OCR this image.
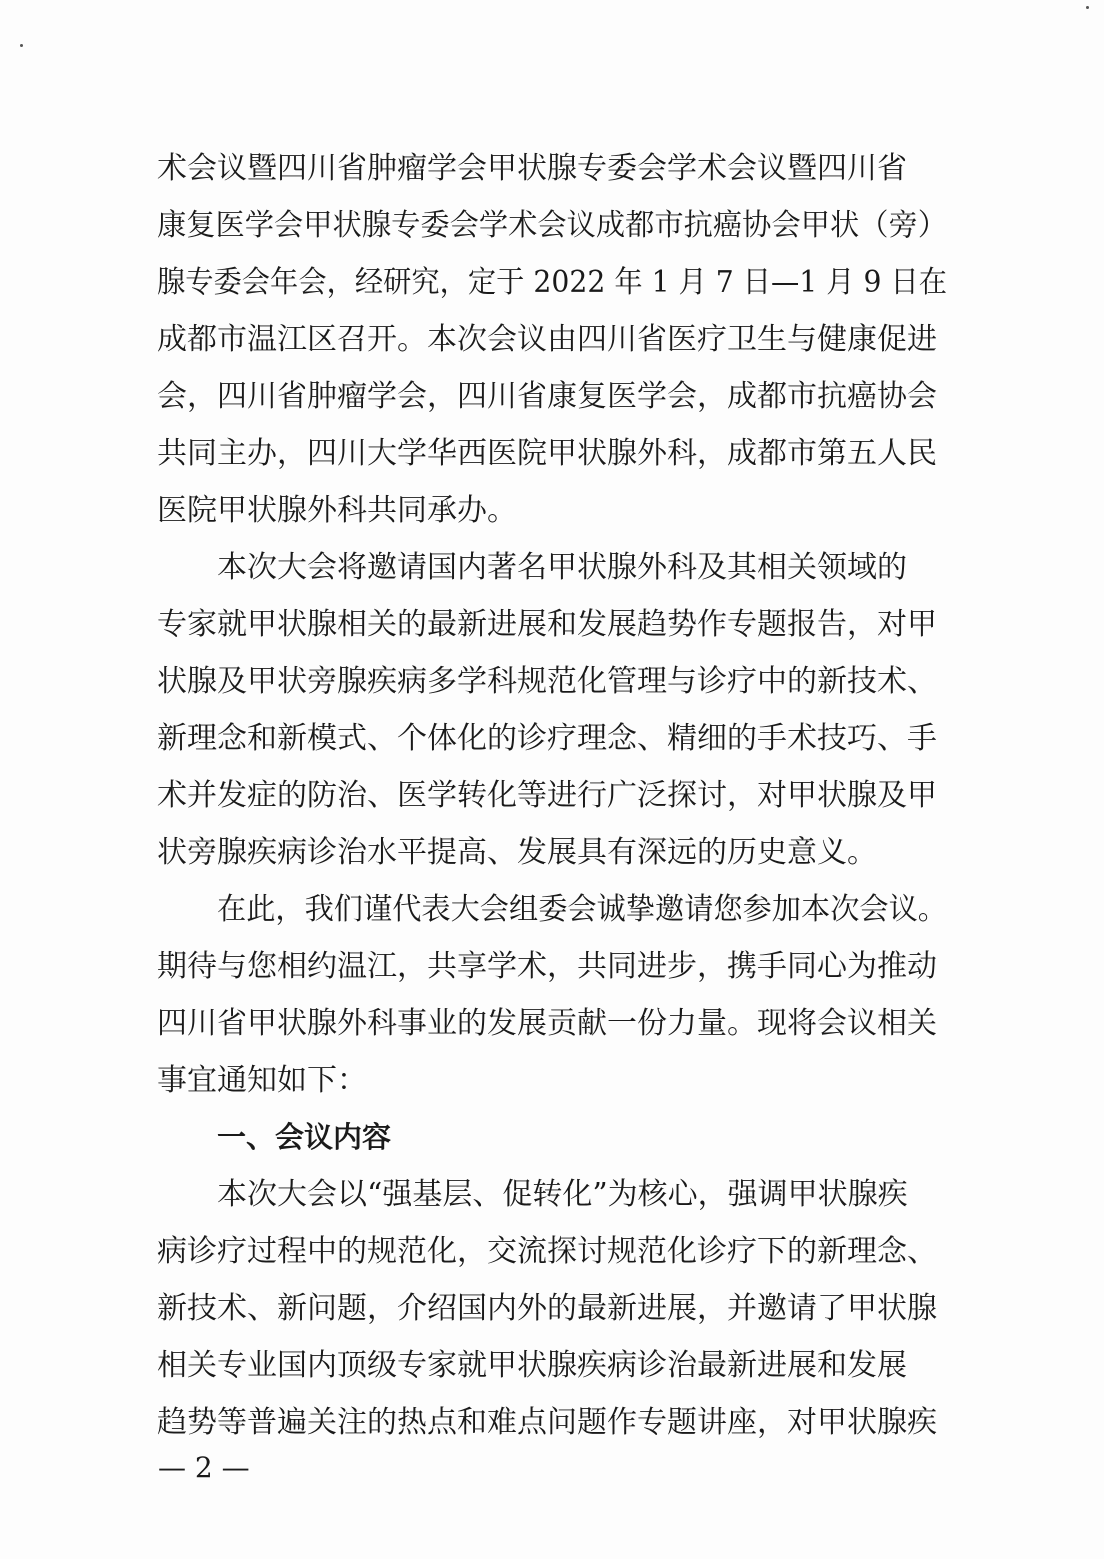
术会议暨四川省肿瘤学会甲状腺专委会学术会议暨四川省
康复医学会甲状腺专委会学术会议成都市抗癌协会甲状（旁）
腺专委会年会，经研究，定于 2022 年 1 月 7 日—1 月 9 日在
成都市温江区召开。本次会议由四川省医疗卫生与健康促进
会，四川省肿瘤学会，四川省康复医学会，成都市抗癌协会
共同主办，四川大学华西医院甲状腺外科，成都市第五人民
医院甲状腺外科共同承办。
本次大会将邀请国内著名甲状腺外科及其相关领域的
专家就甲状腺相关的最新进展和发展趋势作专题报告，对甲
状腺及甲状旁腺疾病多学科规范化管理与诊疗中的新技术、
新理念和新模式、个体化的诊疗理念、精细的手术技巧、手
术并发症的防治、医学转化等进行广泛探讨，对甲状腺及甲
状旁腺疾病诊治水平提高、发展具有深远的历史意义。
在此，我们谨代表大会组委会诚挚邀请您参加本次会议。
期待与您相约温江，共享学术，共同进步，携手同心为推动
四川省甲状腺外科事业的发展贡献一份力量。现将会议相关
事宜通知如下：
一、会议内容
本次大会以“强基层、促转化”为核心，强调甲状腺疾
病诊疗过程中的规范化，交流探讨规范化诊疗下的新理念、
新技术、新问题，介绍国内外的最新进展，并邀请了甲状腺
相关专业国内顶级专家就甲状腺疾病诊治最新进展和发展
趋势等普遍关注的热点和难点问题作专题讲座，对甲状腺疾
— 2 —
